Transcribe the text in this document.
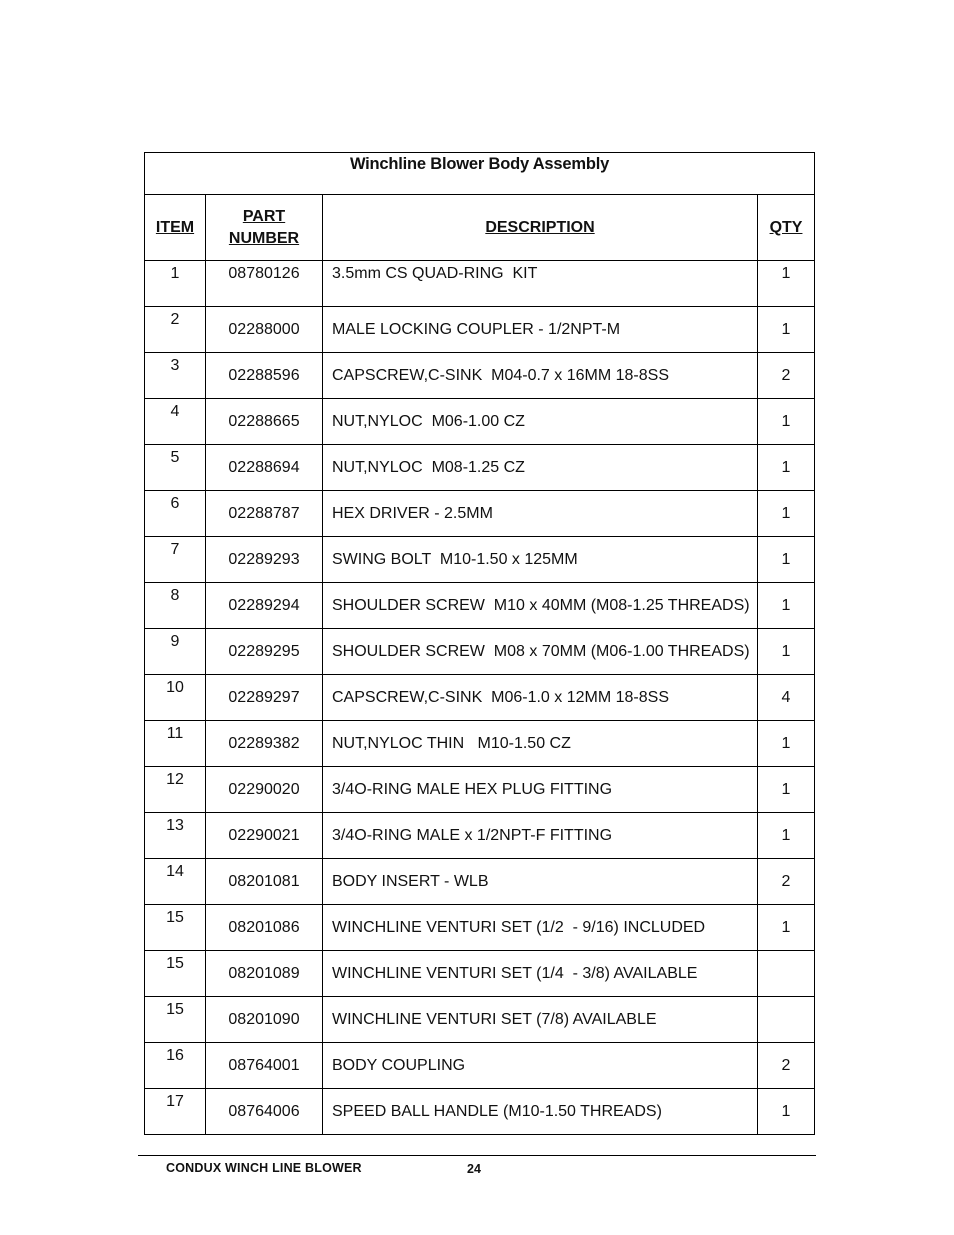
Winchline Blower Body Assembly			
ITEM	PART
NUMBER	DESCRIPTION	QTY
1	08780126	3.5mm CS QUAD-RING  KIT	1
2	02288000	MALE LOCKING COUPLER - 1/2NPT-M	1
3	02288596	CAPSCREW,C-SINK  M04-0.7 x 16MM 18-8SS	2
4	02288665	NUT,NYLOC  M06-1.00 CZ	1
5	02288694	NUT,NYLOC  M08-1.25 CZ	1
6	02288787	HEX DRIVER - 2.5MM	1
7	02289293	SWING BOLT  M10-1.50 x 125MM	1
8	02289294	SHOULDER SCREW  M10 x 40MM (M08-1.25 THREADS)	1
9	02289295	SHOULDER SCREW  M08 x 70MM (M06-1.00 THREADS)	1
10	02289297	CAPSCREW,C-SINK  M06-1.0 x 12MM 18-8SS	4
11	02289382	NUT,NYLOC THIN   M10-1.50 CZ	1
12	02290020	3/4O-RING MALE HEX PLUG FITTING	1
13	02290021	3/4O-RING MALE x 1/2NPT-F FITTING	1
14	08201081	BODY INSERT - WLB	2
15	08201086	WINCHLINE VENTURI SET (1/2  - 9/16) INCLUDED	1
15	08201089	WINCHLINE VENTURI SET (1/4  - 3/8) AVAILABLE	
15	08201090	WINCHLINE VENTURI SET (7/8) AVAILABLE	
16	08764001	BODY COUPLING	2
17	08764006	SPEED BALL HANDLE (M10-1.50 THREADS)	1
CONDUX WINCH LINE BLOWER	24
